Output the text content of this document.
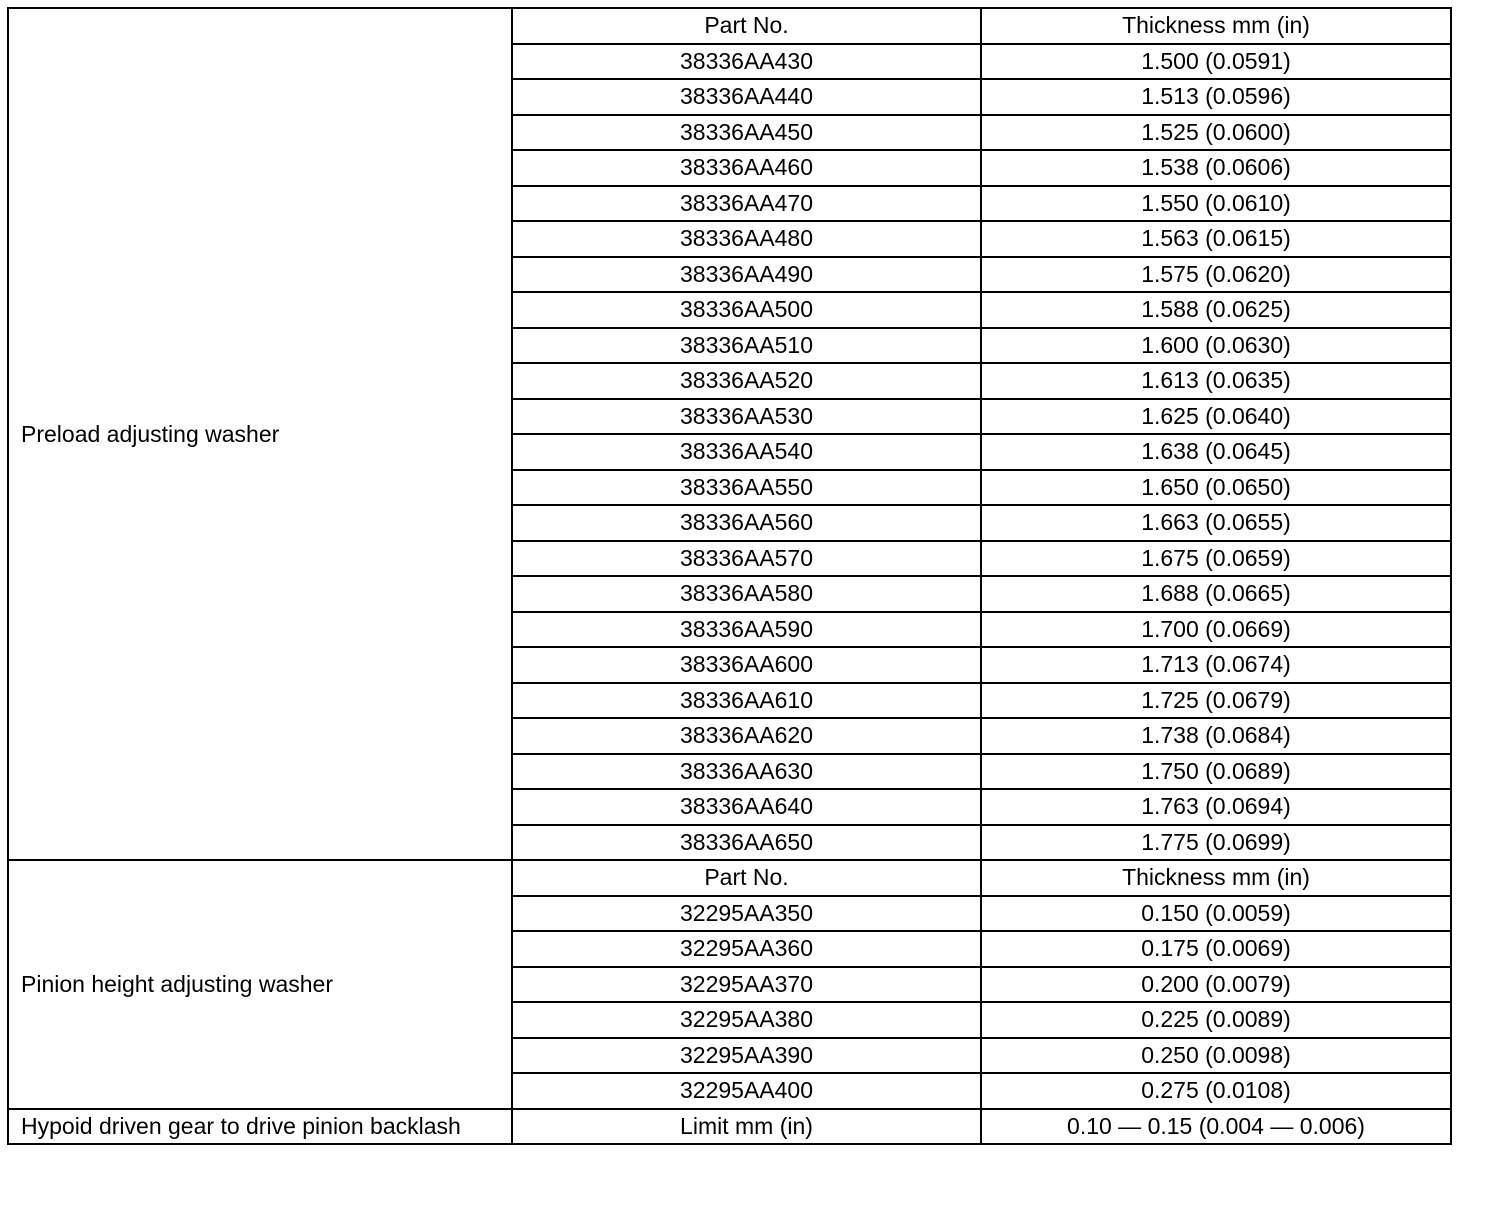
Preload adjusting washer	Part No.	Thickness mm (in)
	38336AA430	1.500 (0.0591)
	38336AA440	1.513 (0.0596)
	38336AA450	1.525 (0.0600)
	38336AA460	1.538 (0.0606)
	38336AA470	1.550 (0.0610)
	38336AA480	1.563 (0.0615)
	38336AA490	1.575 (0.0620)
	38336AA500	1.588 (0.0625)
	38336AA510	1.600 (0.0630)
	38336AA520	1.613 (0.0635)
	38336AA530	1.625 (0.0640)
	38336AA540	1.638 (0.0645)
	38336AA550	1.650 (0.0650)
	38336AA560	1.663 (0.0655)
	38336AA570	1.675 (0.0659)
	38336AA580	1.688 (0.0665)
	38336AA590	1.700 (0.0669)
	38336AA600	1.713 (0.0674)
	38336AA610	1.725 (0.0679)
	38336AA620	1.738 (0.0684)
	38336AA630	1.750 (0.0689)
	38336AA640	1.763 (0.0694)
	38336AA650	1.775 (0.0699)
Pinion height adjusting washer	Part No.	Thickness mm (in)
	32295AA350	0.150 (0.0059)
	32295AA360	0.175 (0.0069)
	32295AA370	0.200 (0.0079)
	32295AA380	0.225 (0.0089)
	32295AA390	0.250 (0.0098)
	32295AA400	0.275 (0.0108)
Hypoid driven gear to drive pinion backlash	Limit mm (in)	0.10 — 0.15 (0.004 — 0.006)
